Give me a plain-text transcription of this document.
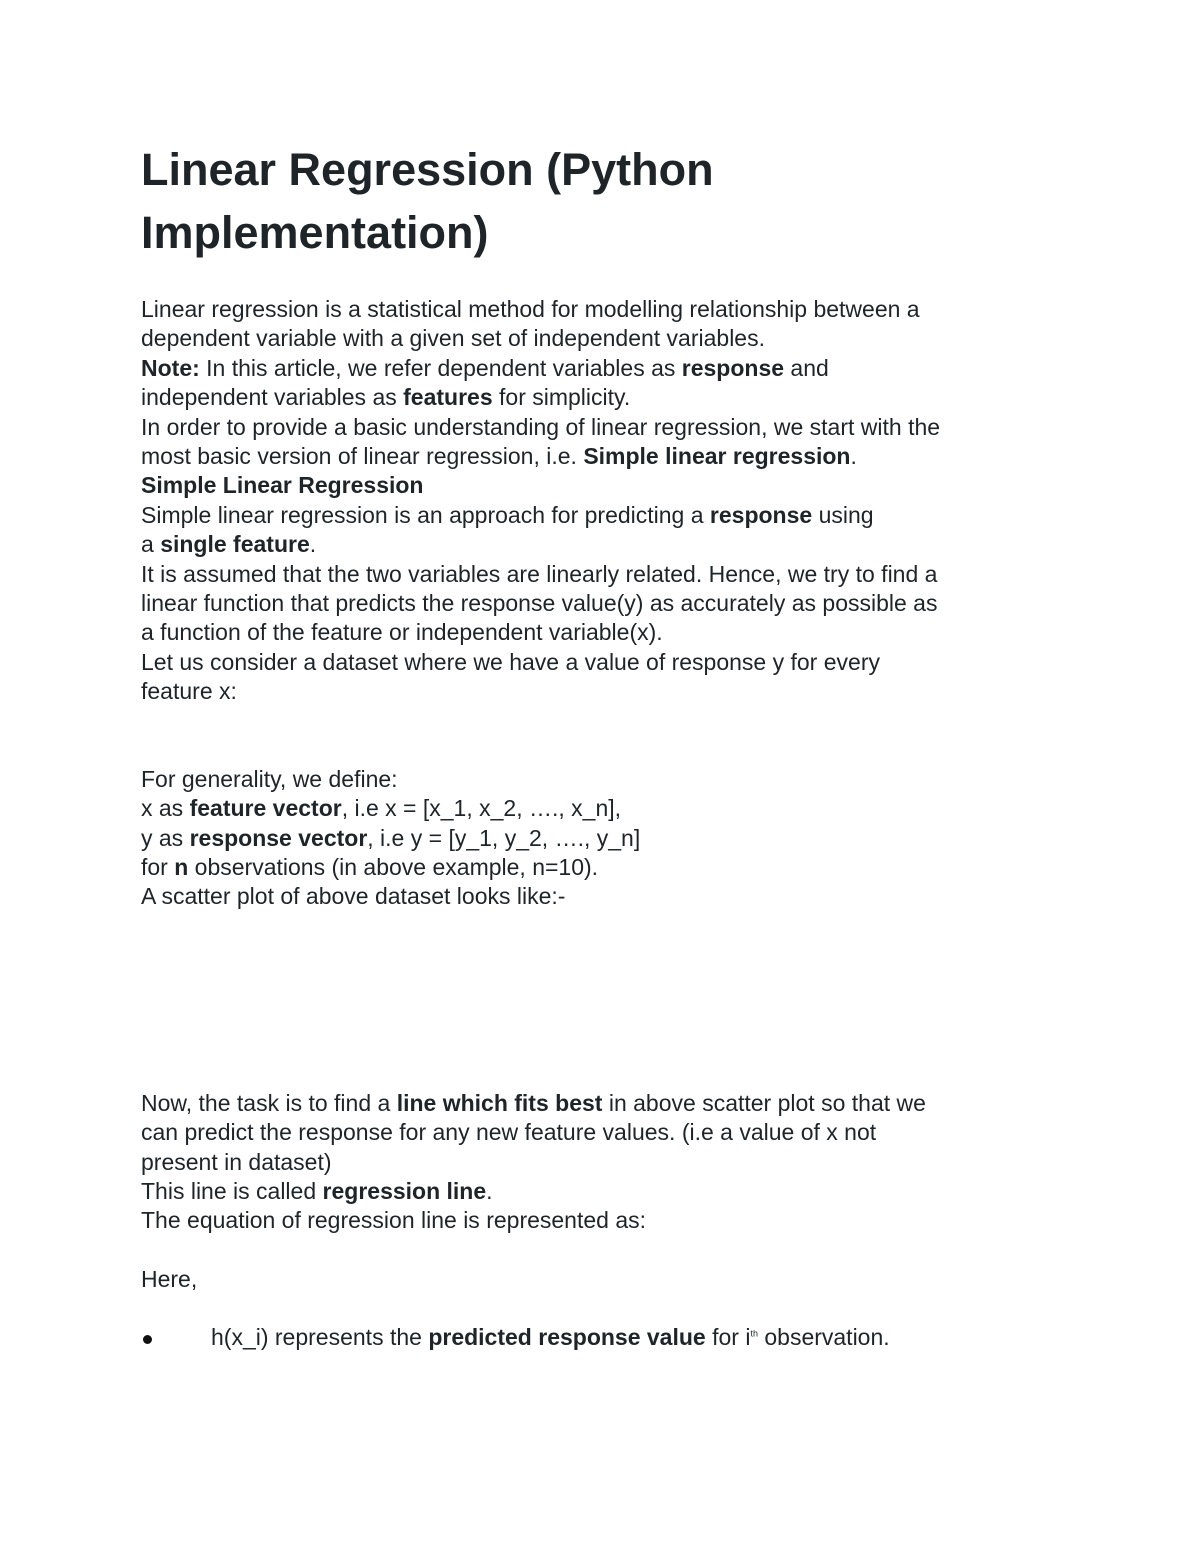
Linear Regression (Python
Implementation)
Linear regression is a statistical method for modelling relationship between a
dependent variable with a given set of independent variables.
Note: In this article, we refer dependent variables as response and
independent variables as features for simplicity.
In order to provide a basic understanding of linear regression, we start with the
most basic version of linear regression, i.e. Simple linear regression.
Simple Linear Regression
Simple linear regression is an approach for predicting a response using
a single feature.
It is assumed that the two variables are linearly related. Hence, we try to find a
linear function that predicts the response value(y) as accurately as possible as
a function of the feature or independent variable(x).
Let us consider a dataset where we have a value of response y for every
feature x:
For generality, we define:
x as feature vector, i.e x = [x_1, x_2, …., x_n],
y as response vector, i.e y = [y_1, y_2, …., y_n]
for n observations (in above example, n=10).
A scatter plot of above dataset looks like:-
Now, the task is to find a line which fits best in above scatter plot so that we
can predict the response for any new feature values. (i.e a value of x not
present in dataset)
This line is called regression line.
The equation of regression line is represented as:
Here,
h(x_i) represents the predicted response value for $i^{th}$ observation.
